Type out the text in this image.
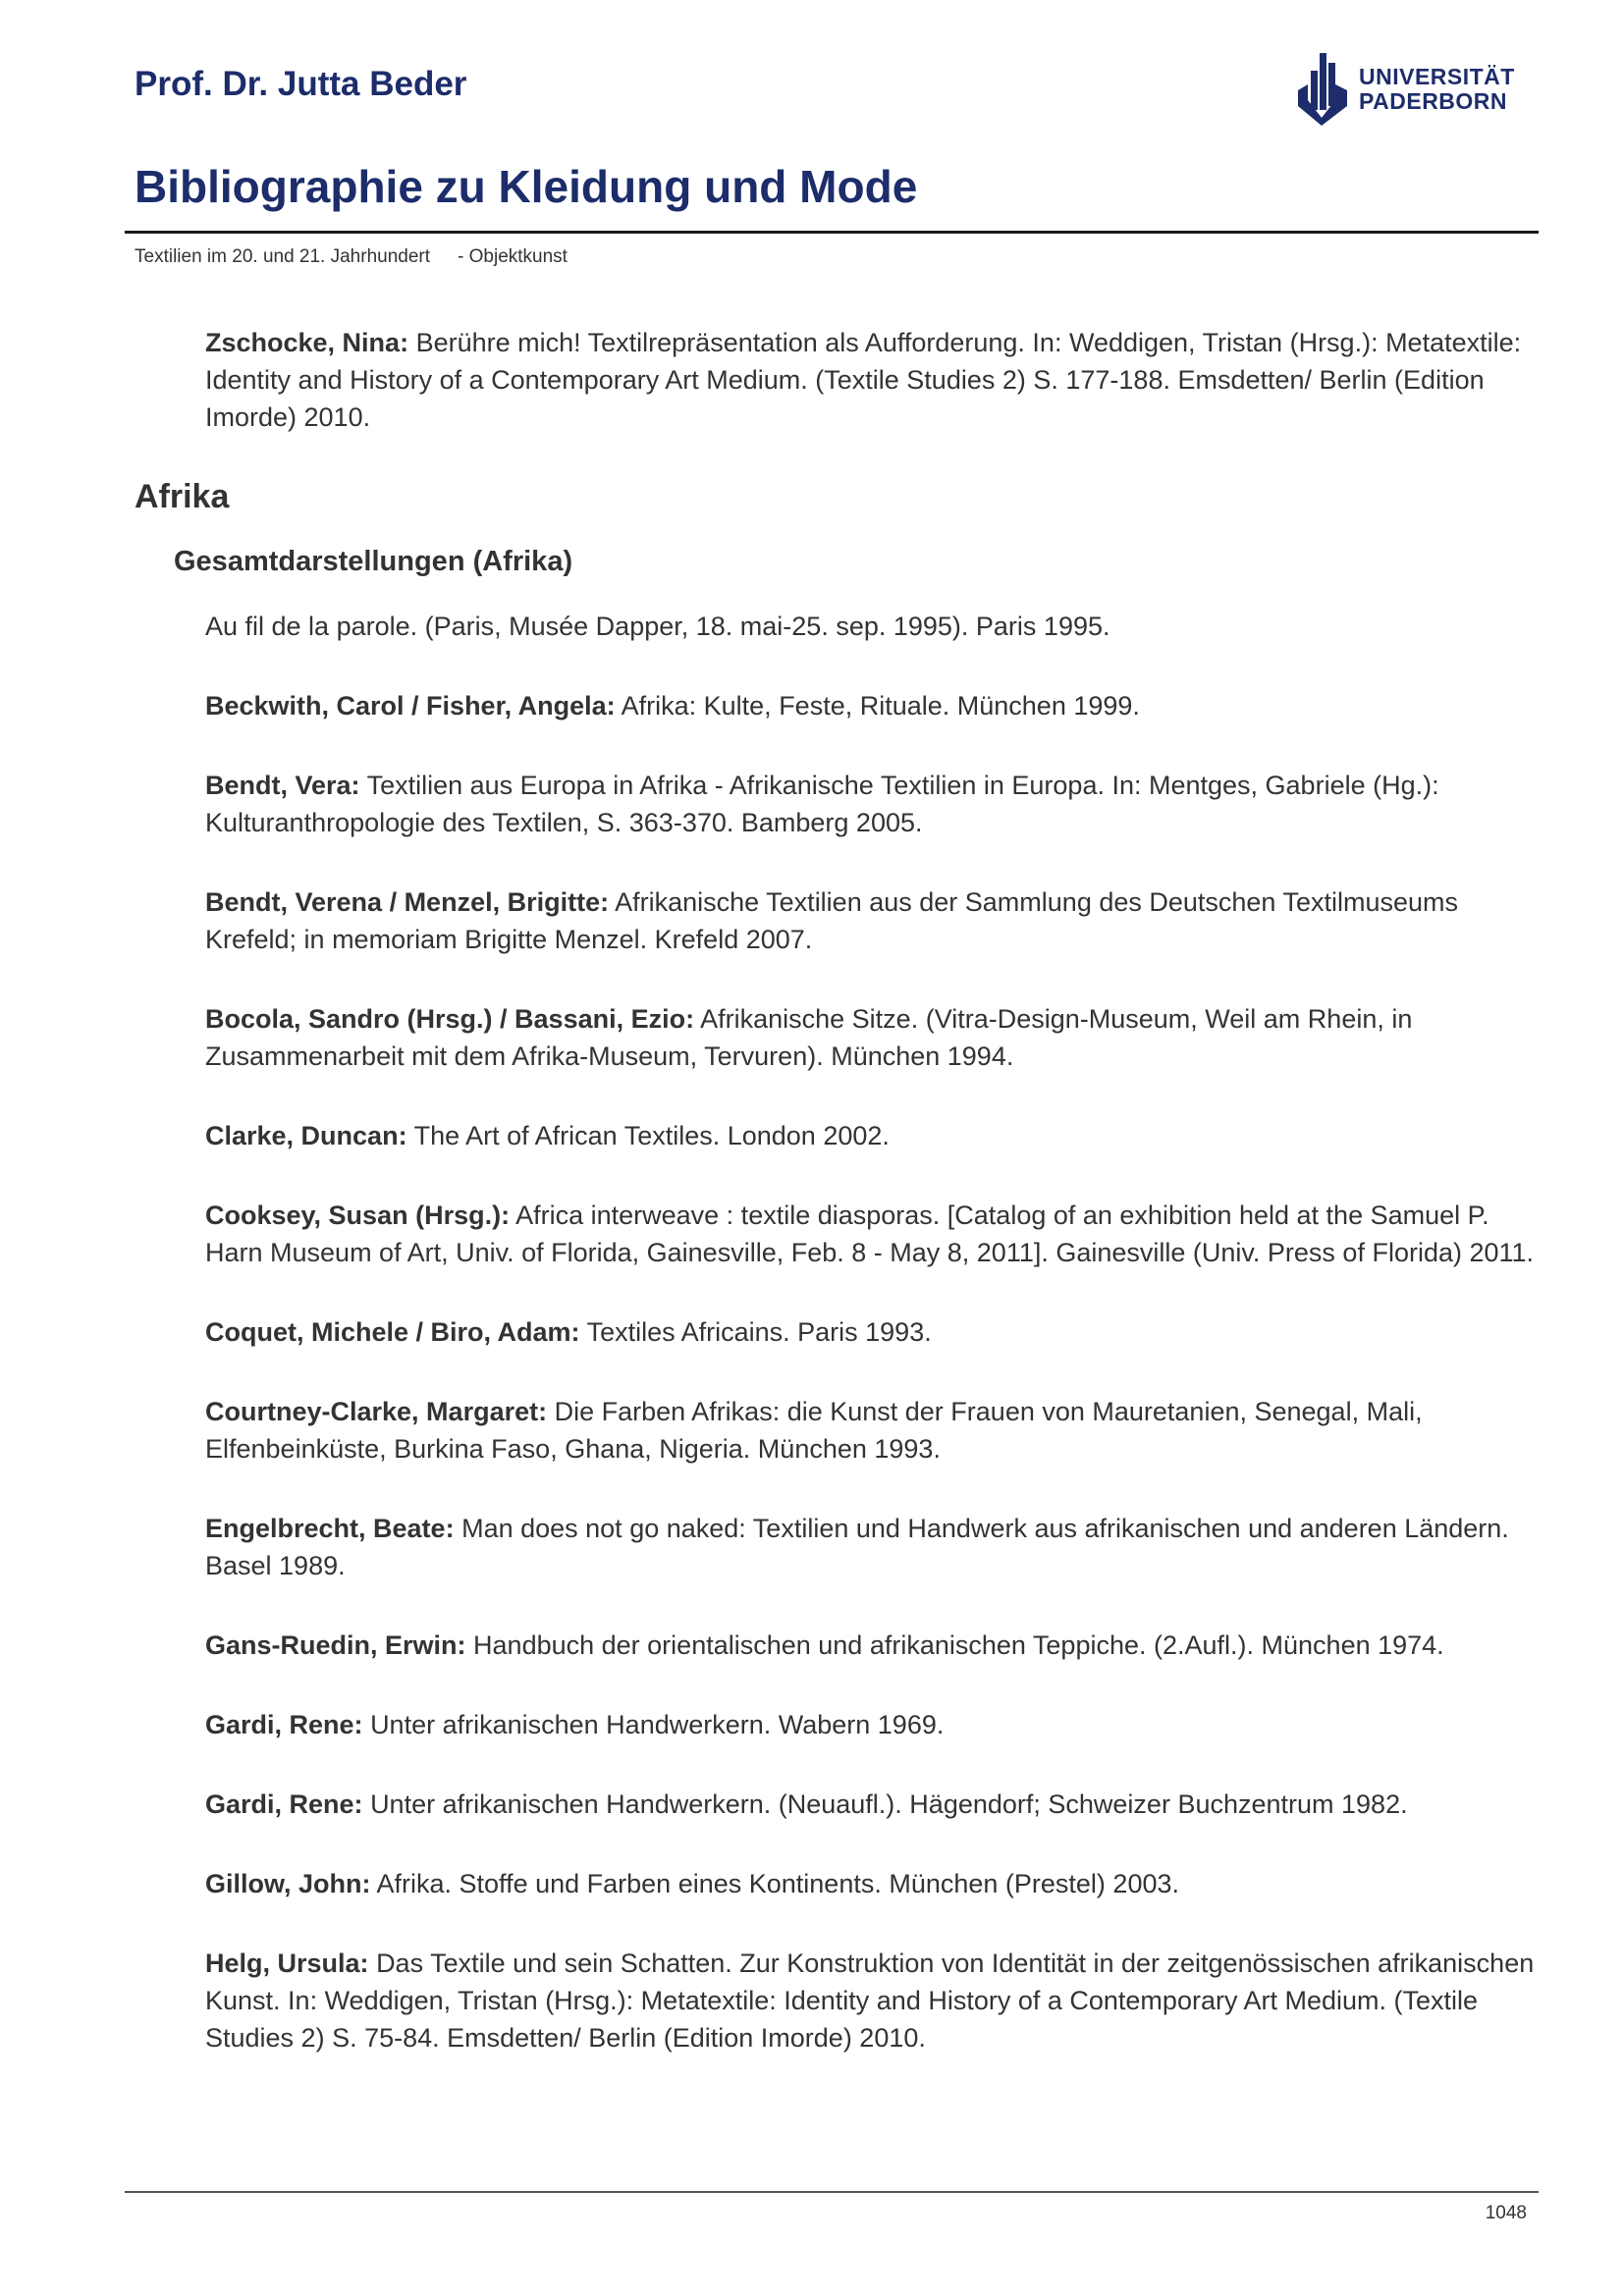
Prof. Dr. Jutta Beder	UNIVERSITÄT
PADERBORN
Bibliographie zu Kleidung und Mode
Textilien im 20. und 21. Jahrhundert - Objektkunst

Zschocke, Nina: Berühre mich! Textilrepräsentation als Aufforderung. In: Weddigen, Tristan (Hrsg.): Metatextile: Identity and History of a Contemporary Art Medium. (Textile Studies 2) S. 177-188. Emsdetten/ Berlin (Edition Imorde) 2010.

Afrika
Gesamtdarstellungen (Afrika)

Au fil de la parole. (Paris, Musée Dapper, 18. mai-25. sep. 1995). Paris 1995.

Beckwith, Carol / Fisher, Angela: Afrika: Kulte, Feste, Rituale. München 1999.

Bendt, Vera: Textilien aus Europa in Afrika - Afrikanische Textilien in Europa. In: Mentges, Gabriele (Hg.): Kulturanthropologie des Textilen, S. 363-370. Bamberg 2005.

Bendt, Verena / Menzel, Brigitte: Afrikanische Textilien aus der Sammlung des Deutschen Textilmuseums Krefeld; in memoriam Brigitte Menzel. Krefeld 2007.

Bocola, Sandro (Hrsg.) / Bassani, Ezio: Afrikanische Sitze. (Vitra-Design-Museum, Weil am Rhein, in Zusammenarbeit mit dem Afrika-Museum, Tervuren). München 1994.

Clarke, Duncan: The Art of African Textiles. London 2002.

Cooksey, Susan (Hrsg.): Africa interweave : textile diasporas. [Catalog of an exhibition held at the Samuel P. Harn Museum of Art, Univ. of Florida, Gainesville, Feb. 8 - May 8, 2011]. Gainesville (Univ. Press of Florida) 2011.

Coquet, Michele / Biro, Adam: Textiles Africains. Paris 1993.

Courtney-Clarke, Margaret: Die Farben Afrikas: die Kunst der Frauen von Mauretanien, Senegal, Mali, Elfenbeinküste, Burkina Faso, Ghana, Nigeria. München 1993.

Engelbrecht, Beate: Man does not go naked: Textilien und Handwerk aus afrikanischen und anderen Ländern. Basel 1989.

Gans-Ruedin, Erwin: Handbuch der orientalischen und afrikanischen Teppiche. (2.Aufl.). München 1974.

Gardi, Rene: Unter afrikanischen Handwerkern. Wabern 1969.

Gardi, Rene: Unter afrikanischen Handwerkern. (Neuaufl.). Hägendorf; Schweizer Buchzentrum 1982.

Gillow, John: Afrika. Stoffe und Farben eines Kontinents. München (Prestel) 2003.

Helg, Ursula: Das Textile und sein Schatten. Zur Konstruktion von Identität in der zeitgenössischen afrikanischen Kunst. In: Weddigen, Tristan (Hrsg.): Metatextile: Identity and History of a Contemporary Art Medium. (Textile Studies 2) S. 75-84. Emsdetten/ Berlin (Edition Imorde) 2010.

1048
